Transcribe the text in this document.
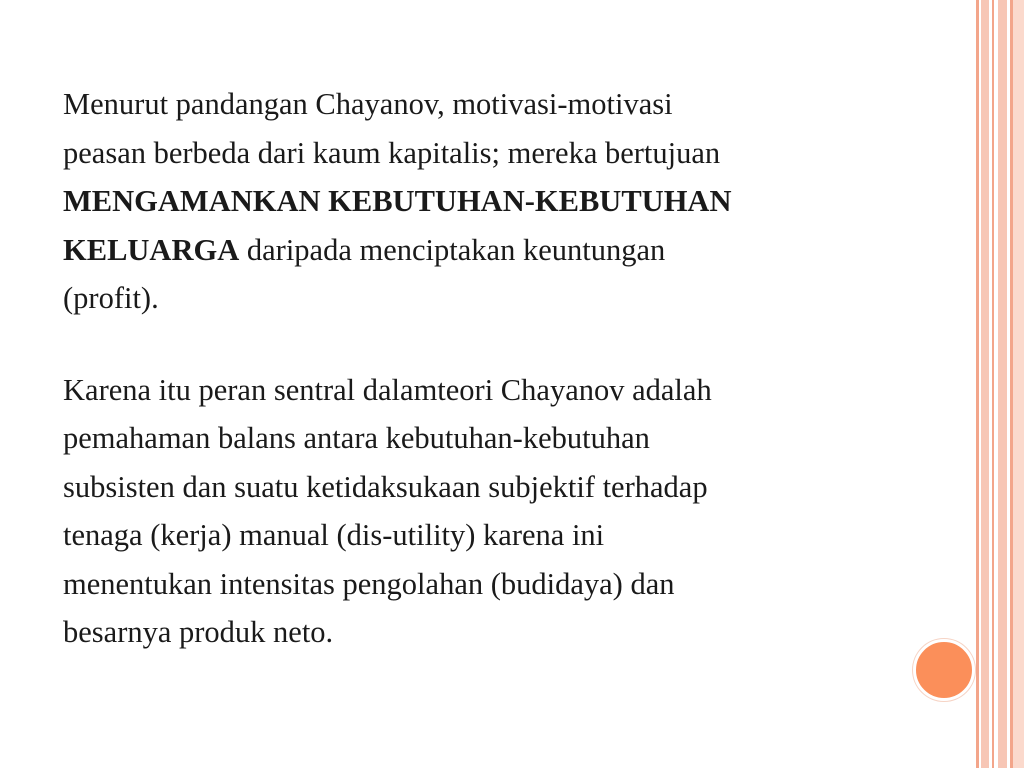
Menurut pandangan Chayanov, motivasi-motivasi
peasan berbeda dari kaum kapitalis; mereka bertujuan
MENGAMANKAN KEBUTUHAN-KEBUTUHAN
KELUARGA daripada menciptakan keuntungan
(profit).

Karena itu peran sentral dalamteori Chayanov adalah
pemahaman balans antara kebutuhan-kebutuhan
subsisten dan suatu ketidaksukaan subjektif terhadap
tenaga (kerja) manual (dis-utility) karena ini
menentukan intensitas pengolahan (budidaya) dan
besarnya produk neto.
